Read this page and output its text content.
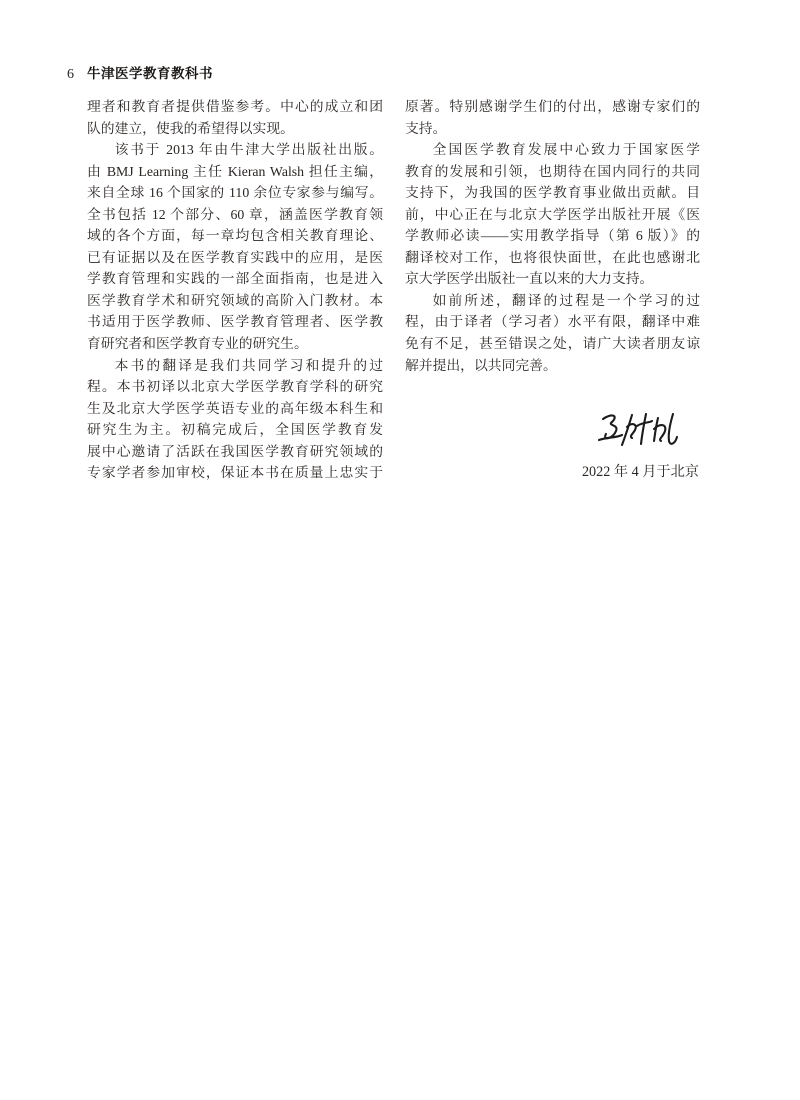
6 牛津医学教育教科书
理者和教育者提供借鉴参考。中心的成立和团
队的建立，使我的希望得以实现。
该书于 2013 年由牛津大学出版社出版。
由 BMJ Learning 主任 Kieran Walsh 担任主编，
来自全球 16 个国家的 110 余位专家参与编写。
全书包括 12 个部分、60 章，涵盖医学教育领
域的各个方面，每一章均包含相关教育理论、
已有证据以及在医学教育实践中的应用，是医
学教育管理和实践的一部全面指南，也是进入
医学教育学术和研究领域的高阶入门教材。本
书适用于医学教师、医学教育管理者、医学教
育研究者和医学教育专业的研究生。
本书的翻译是我们共同学习和提升的过
程。本书初译以北京大学医学教育学科的研究
生及北京大学医学英语专业的高年级本科生和
研究生为主。初稿完成后，全国医学教育发
展中心邀请了活跃在我国医学教育研究领域的
专家学者参加审校，保证本书在质量上忠实于
原著。特别感谢学生们的付出，感谢专家们的
支持。
全国医学教育发展中心致力于国家医学
教育的发展和引领，也期待在国内同行的共同
支持下，为我国的医学教育事业做出贡献。目
前，中心正在与北京大学医学出版社开展《医
学教师必读——实用教学指导（第 6 版）》的
翻译校对工作，也将很快面世，在此也感谢北
京大学医学出版社一直以来的大力支持。
如前所述，翻译的过程是一个学习的过
程，由于译者（学习者）水平有限，翻译中难
免有不足，甚至错误之处，请广大读者朋友谅
解并提出，以共同完善。
2022 年 4 月于北京
